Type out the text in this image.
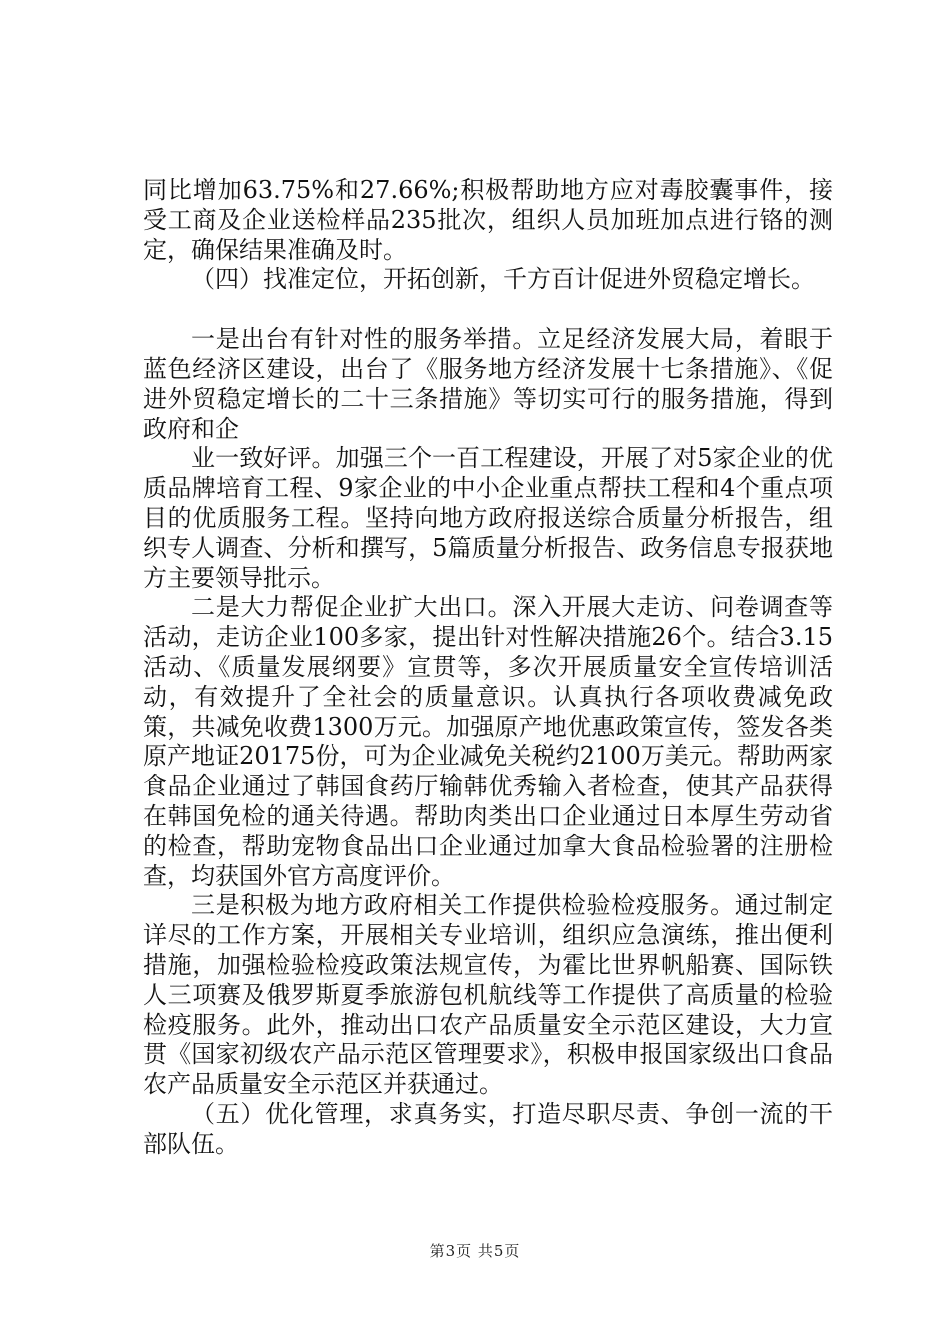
同比增加63.75%和27.66%;积极帮助地方应对毒胶囊事件，接受工商及企业送检样品235批次，组织人员加班加点进行铬的测定，确保结果准确及时。

（四）找准定位，开拓创新，千方百计促进外贸稳定增长。

一是出台有针对性的服务举措。立足经济发展大局，着眼于蓝色经济区建设，出台了《服务地方经济发展十七条措施》、《促进外贸稳定增长的二十三条措施》等切实可行的服务措施，得到政府和企

业一致好评。加强三个一百工程建设，开展了对5家企业的优质品牌培育工程、9家企业的中小企业重点帮扶工程和4个重点项目的优质服务工程。坚持向地方政府报送综合质量分析报告，组织专人调查、分析和撰写，5篇质量分析报告、政务信息专报获地方主要领导批示。

二是大力帮促企业扩大出口。深入开展大走访、问卷调查等活动，走访企业100多家，提出针对性解决措施26个。结合3.15活动、《质量发展纲要》宣贯等，多次开展质量安全宣传培训活动，有效提升了全社会的质量意识。认真执行各项收费减免政策，共减免收费1300万元。加强原产地优惠政策宣传，签发各类原产地证20175份，可为企业减免关税约2100万美元。帮助两家食品企业通过了韩国食药厅输韩优秀输入者检查，使其产品获得在韩国免检的通关待遇。帮助肉类出口企业通过日本厚生劳动省的检查，帮助宠物食品出口企业通过加拿大食品检验署的注册检查，均获国外官方高度评价。

三是积极为地方政府相关工作提供检验检疫服务。通过制定详尽的工作方案，开展相关专业培训，组织应急演练，推出便利措施，加强检验检疫政策法规宣传，为霍比世界帆船赛、国际铁人三项赛及俄罗斯夏季旅游包机航线等工作提供了高质量的检验检疫服务。此外，推动出口农产品质量安全示范区建设，大力宣贯《国家初级农产品示范区管理要求》，积极申报国家级出口食品农产品质量安全示范区并获通过。

（五）优化管理，求真务实，打造尽职尽责、争创一流的干部队伍。

第3页 共5页
